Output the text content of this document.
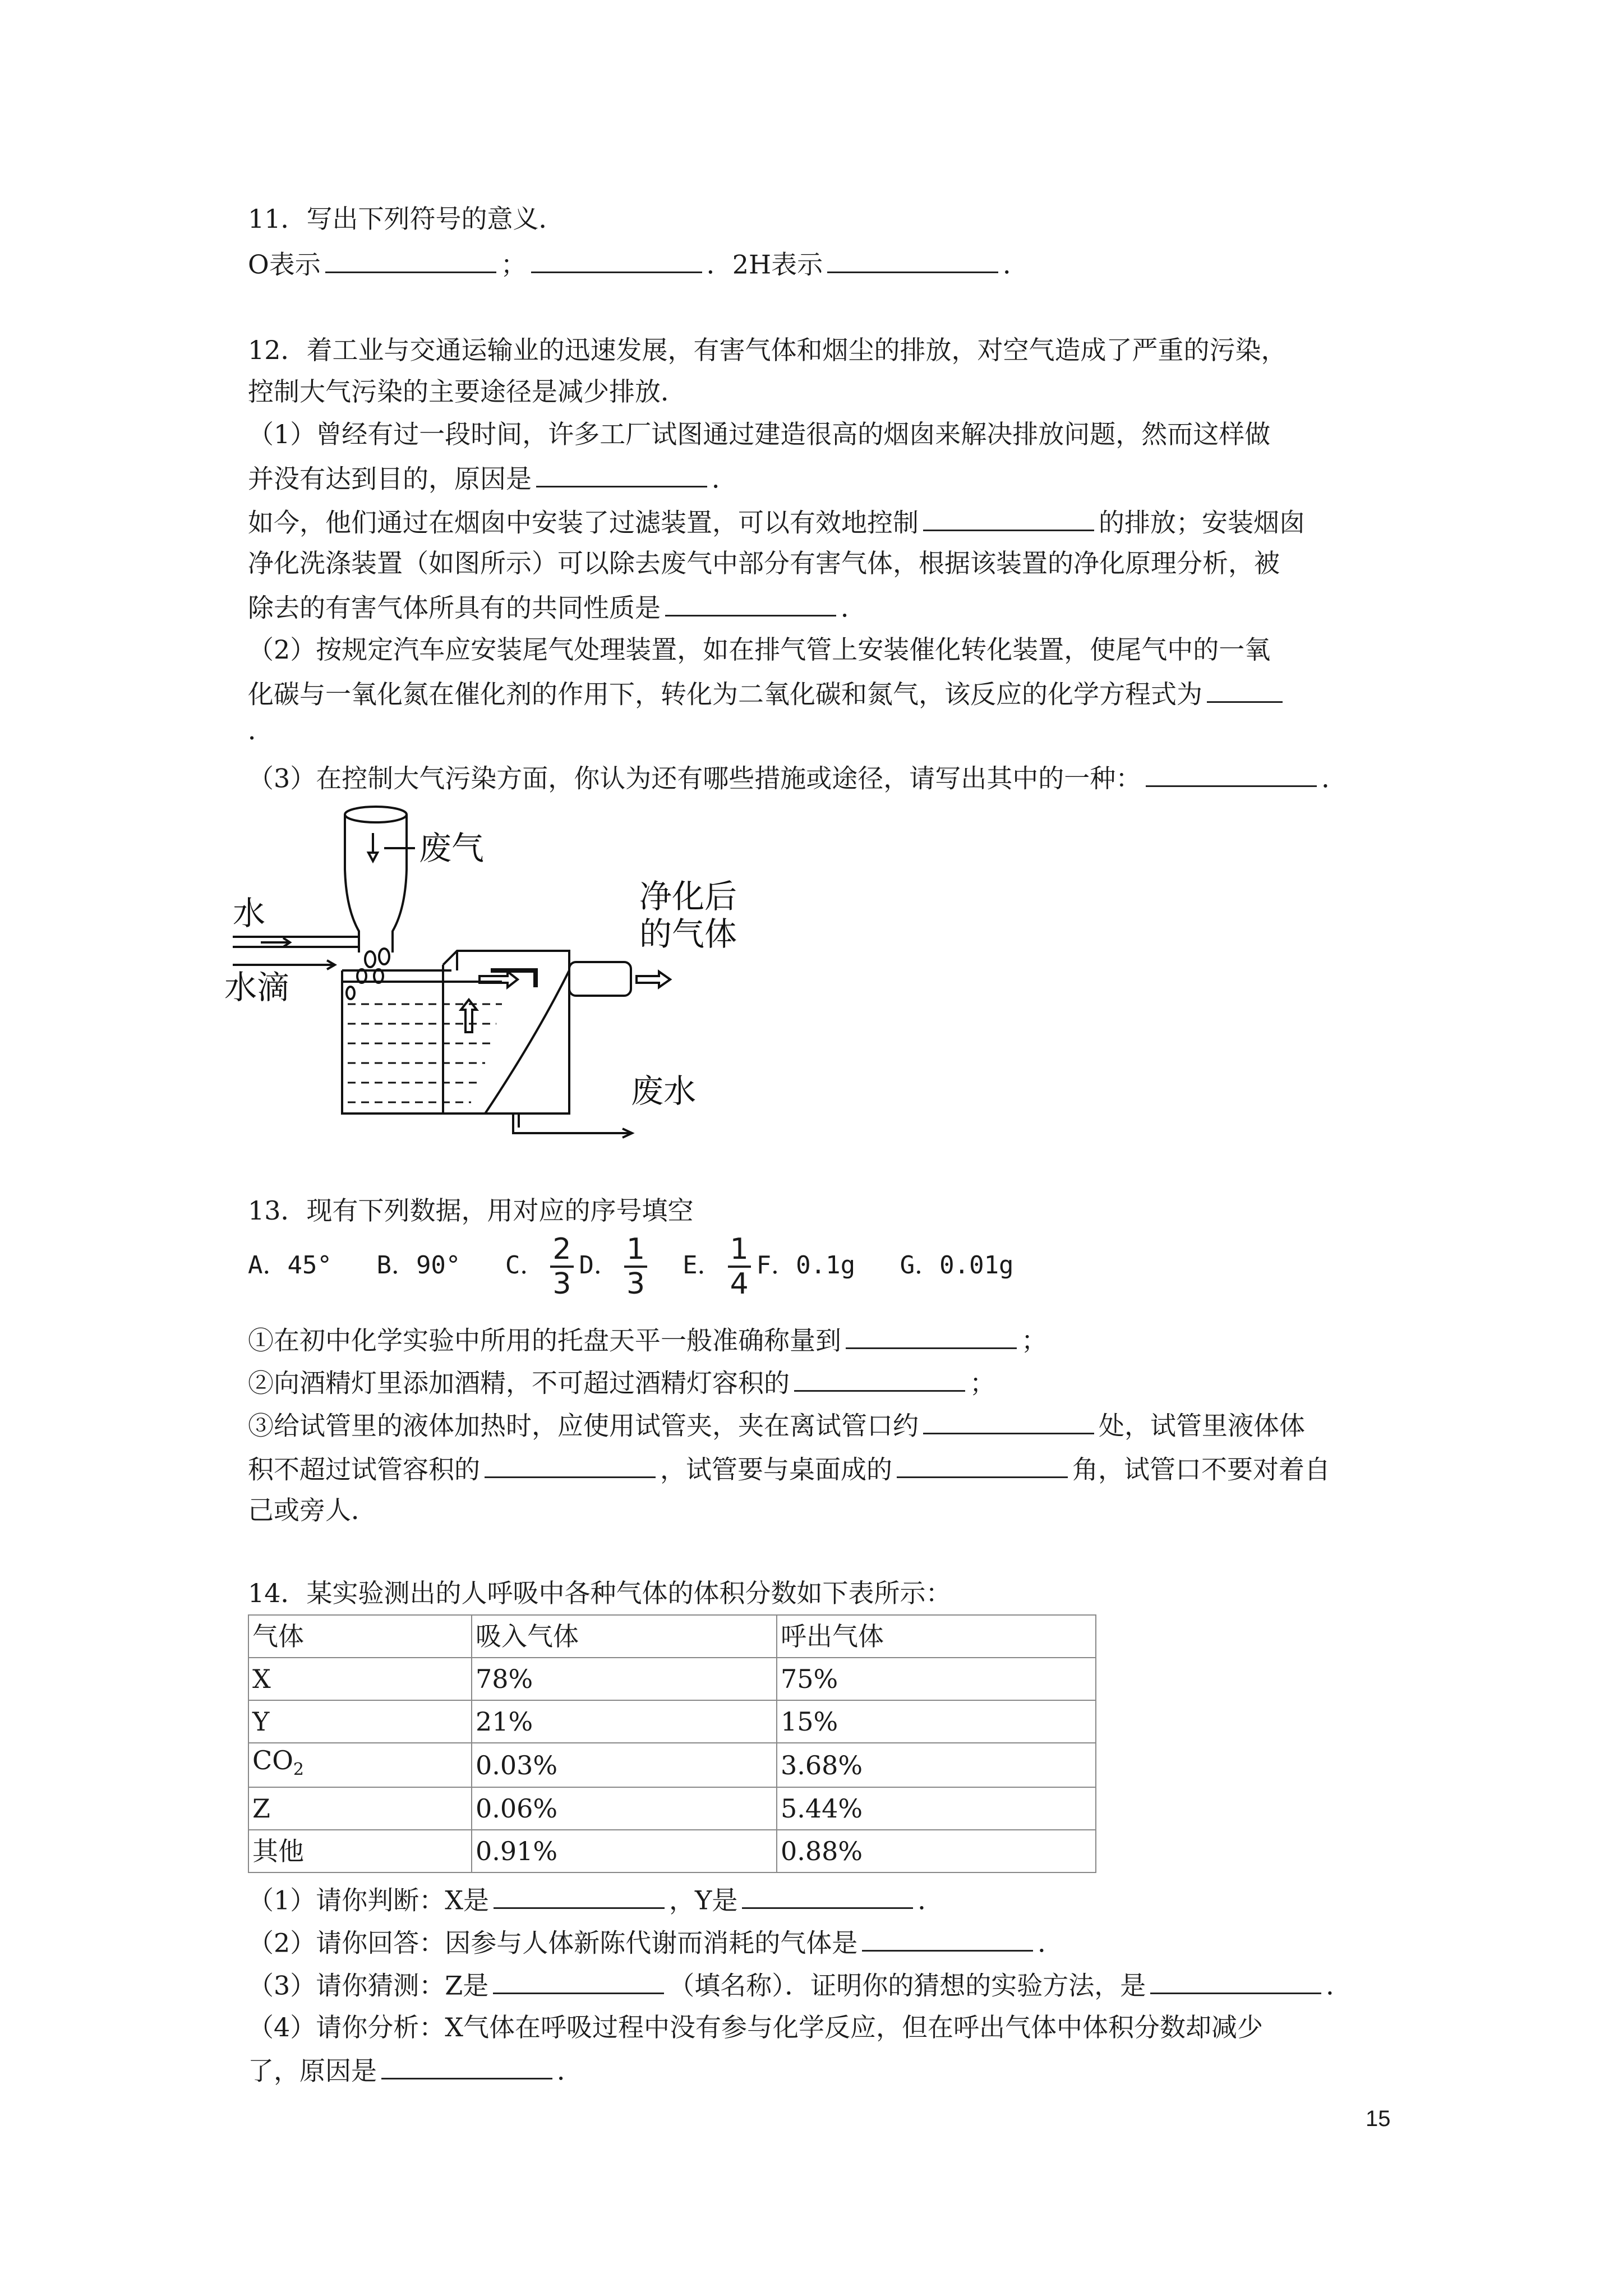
11．写出下列符号的意义．
O表示	；	．2H表示	．
12．着工业与交通运输业的迅速发展，有害气体和烟尘的排放，对空气造成了严重的污染，
控制大气污染的主要途径是减少排放．
（1）曾经有过一段时间，许多工厂试图通过建造很高的烟囱来解决排放问题，然而这样做
并没有达到目的，原因是	．
如今，他们通过在烟囱中安装了过滤装置，可以有效地控制	的排放；安装烟囱
净化洗涤装置（如图所示）可以除去废气中部分有害气体，根据该装置的净化原理分析，被
除去的有害气体所具有的共同性质是	．
（2）按规定汽车应安装尾气处理装置，如在排气管上安装催化转化装置，使尾气中的一氧
化碳与一氧化氮在催化剂的作用下，转化为二氧化碳和氮气，该反应的化学方程式为
．
（3）在控制大气污染方面，你认为还有哪些措施或途径，请写出其中的一种：	．
废气
水
水滴
净化后
的气体
废水
13．现有下列数据，用对应的序号填空
A．45° B．90° C． $\frac{2}{3}$ D． $\frac{1}{3}$ E． $\frac{1}{4}$ F．0.1g G．0.01g
①在初中化学实验中所用的托盘天平一般准确称量到	；
②向酒精灯里添加酒精，不可超过酒精灯容积的	；
③给试管里的液体加热时，应使用试管夹，夹在离试管口约	处，试管里液体体
积不超过试管容积的	，试管要与桌面成的	角，试管口不要对着自
己或旁人．
14．某实验测出的人呼吸中各种气体的体积分数如下表所示：
气体	吸入气体	呼出气体
X	78%	75%
Y	21%	15%
$CO_2$	0.03%	3.68%
Z	0.06%	5.44%
其他	0.91%	0.88%
（1）请你判断：X是	，Y是	．
（2）请你回答：因参与人体新陈代谢而消耗的气体是	．
（3）请你猜测：Z是	（填名称）．证明你的猜想的实验方法，是	．
（4）请你分析：X气体在呼吸过程中没有参与化学反应，但在呼出气体中体积分数却减少
了，原因是	．
15
